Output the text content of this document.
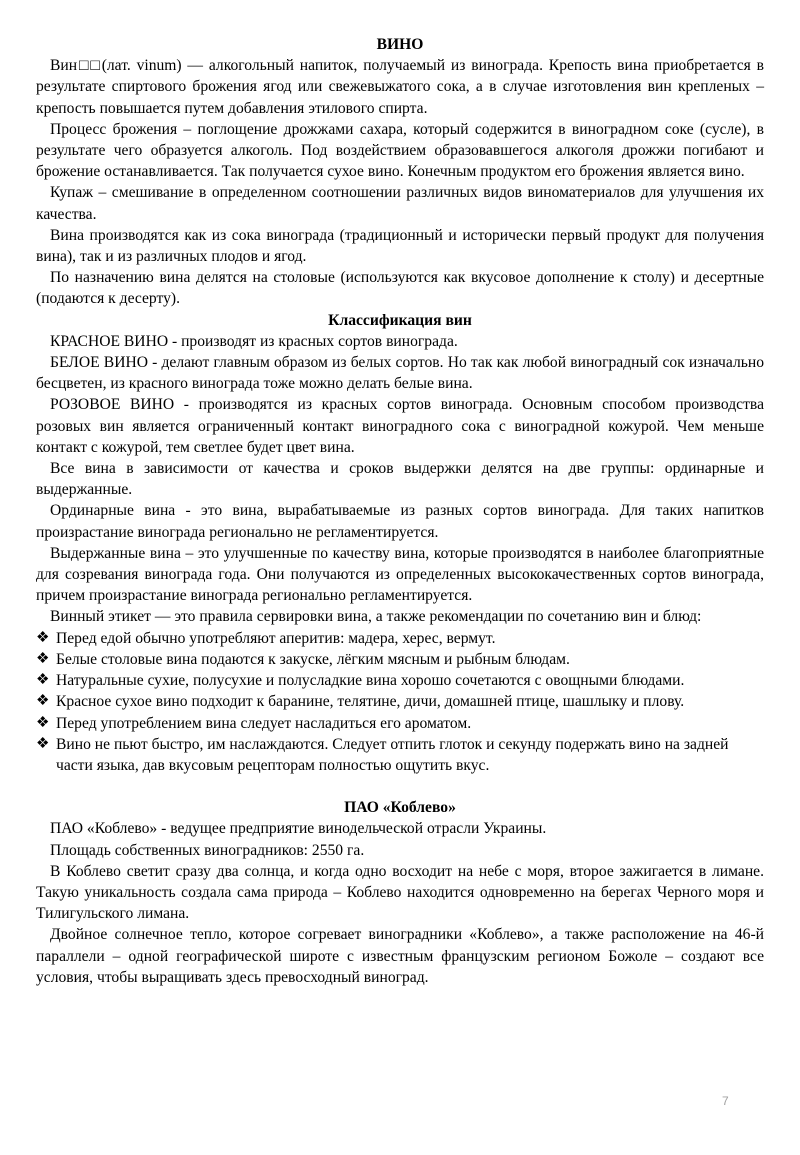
ВИНО

Вин□□(лат. vinum) — алкогольный напиток, получаемый из винограда. Крепость вина приобретается в результате спиртового брожения ягод или свежевыжатого сока, а в случае изготовления вин крепленых – крепость повышается путем добавления этилового спирта.

Процесс брожения – поглощение дрожжами сахара, который содержится в виноградном соке (сусле), в результате чего образуется алкоголь. Под воздействием образовавшегося алкоголя дрожжи погибают и брожение останавливается. Так получается сухое вино. Конечным продуктом его брожения является вино.

Купаж – смешивание в определенном соотношении различных видов виноматериалов для улучшения их качества.

Вина производятся как из сока винограда (традиционный и исторически первый продукт для получения вина), так и из различных плодов и ягод.

По назначению вина делятся на столовые (используются как вкусовое дополнение к столу) и десертные (подаются к десерту).

Классификация вин

КРАСНОЕ ВИНО - производят из красных сортов винограда.

БЕЛОЕ ВИНО - делают главным образом из белых сортов. Но так как любой виноградный сок изначально бесцветен, из красного винограда тоже можно делать белые вина.

РОЗОВОЕ ВИНО - производятся из красных сортов винограда. Основным способом производства розовых вин является ограниченный контакт виноградного сока с виноградной кожурой. Чем меньше контакт с кожурой, тем светлее будет цвет вина.

Все вина в зависимости от качества и сроков выдержки делятся на две группы: ординарные и выдержанные.

Ординарные вина - это вина, вырабатываемые из разных сортов винограда. Для таких напитков произрастание винограда регионально не регламентируется.

Выдержанные вина – это улучшенные по качеству вина, которые производятся в наиболее благоприятные для созревания винограда года. Они получаются из определенных высококачественных сортов винограда, причем произрастание винограда регионально регламентируется.

Винный этикет — это правила сервировки вина, а также рекомендации по сочетанию вин и блюд:

❖ Перед едой обычно употребляют аперитив: мадера, херес, вермут.
❖ Белые столовые вина подаются к закуске, лёгким мясным и рыбным блюдам.
❖ Натуральные сухие, полусухие и полусладкие вина хорошо сочетаются с овощными блюдами.
❖ Красное сухое вино подходит к баранине, телятине, дичи, домашней птице, шашлыку и плову.
❖ Перед употреблением вина следует насладиться его ароматом.
❖ Вино не пьют быстро, им наслаждаются. Следует отпить глоток и секунду подержать вино на задней части языка, дав вкусовым рецепторам полностью ощутить вкус.
ПАО «Коблево»

ПАО «Коблево» - ведущее предприятие винодельческой отрасли Украины.

Площадь собственных виноградников: 2550 га.

В Коблево светит сразу два солнца, и когда одно восходит на небе с моря, второе зажигается в лимане. Такую уникальность создала сама природа – Коблево находится одновременно на берегах Черного моря и Тилигульского лимана.

Двойное солнечное тепло, которое согревает виноградники «Коблево», а также расположение на 46-й параллели – одной географической широте с известным французским регионом Божоле – создают все условия, чтобы выращивать здесь превосходный виноград.

7
